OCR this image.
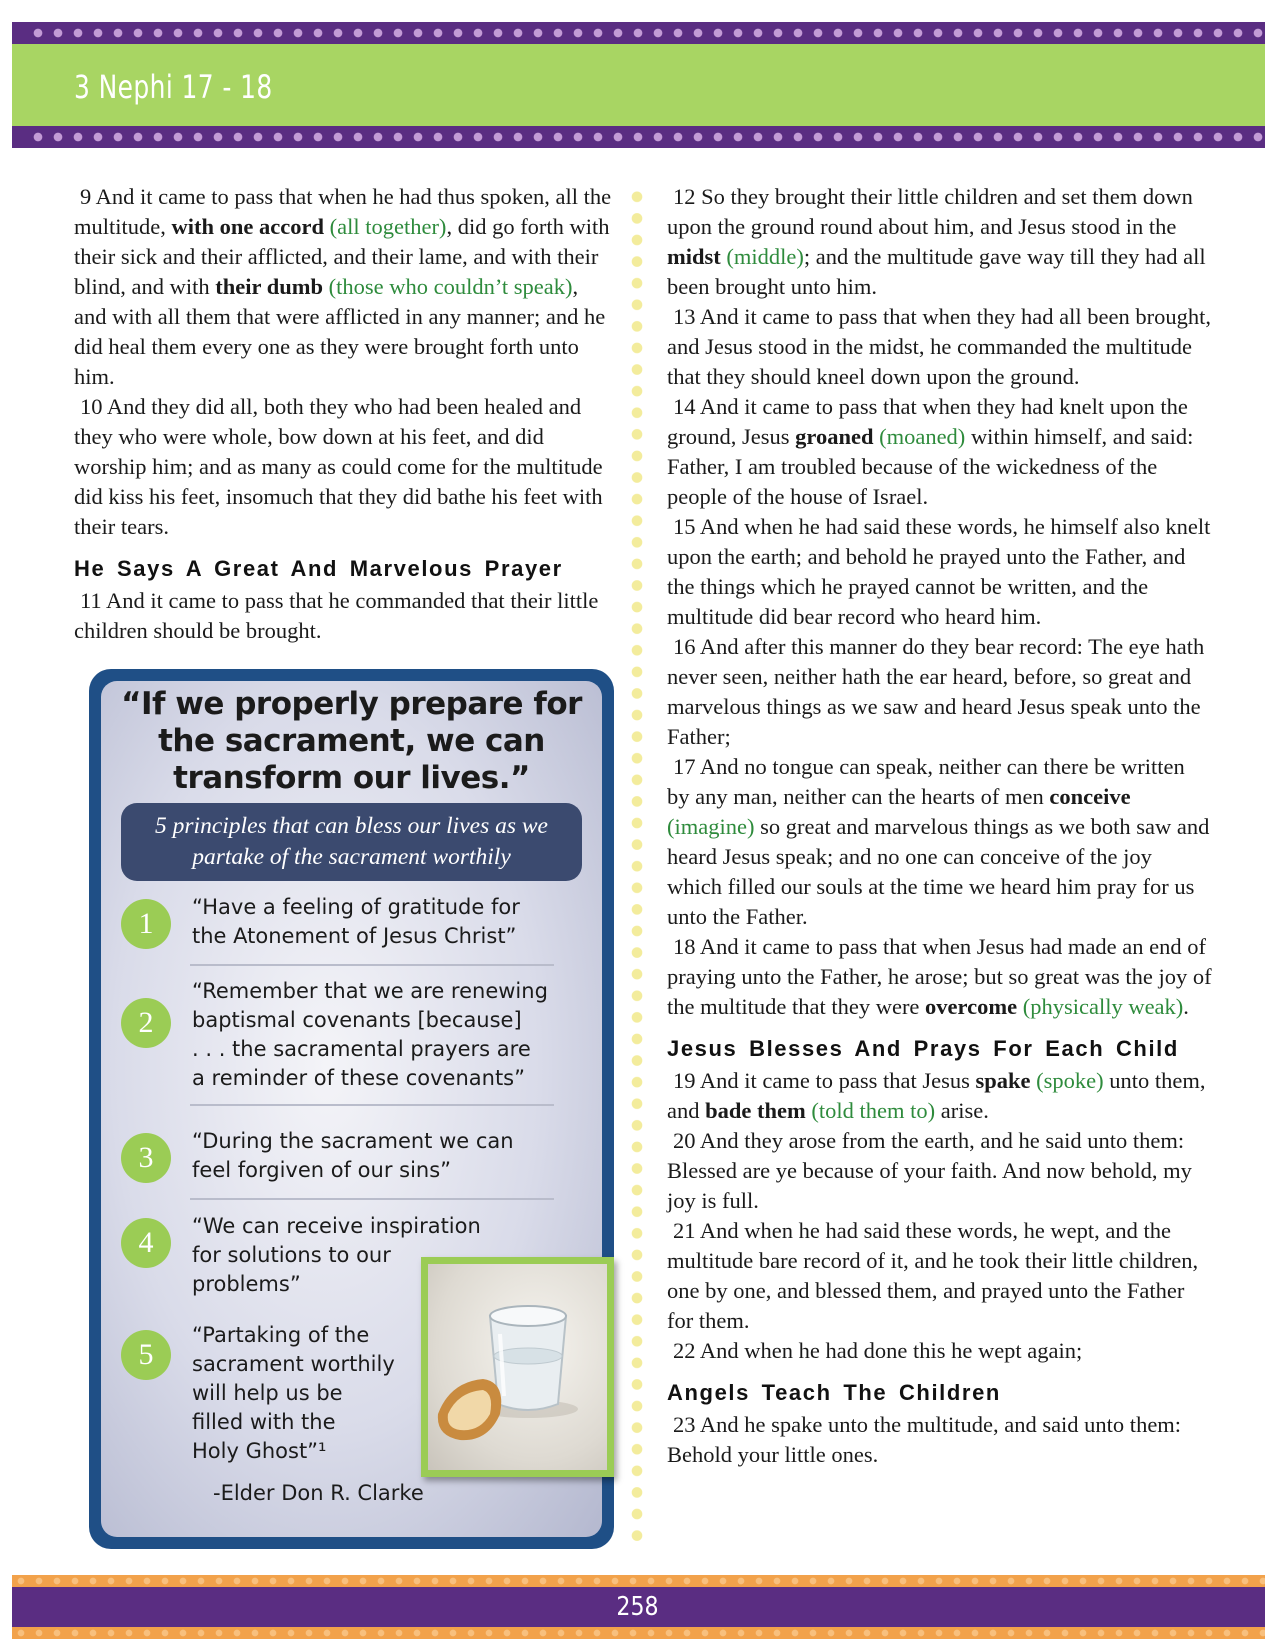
3 Nephi 17 - 18

9 And it came to pass that when he had thus spoken, all the multitude, with one accord (all together), did go forth with their sick and their afflicted, and their lame, and with their blind, and with their dumb (those who couldn’t speak), and with all them that were afflicted in any manner; and he did heal them every one as they were brought forth unto him.

10 And they did all, both they who had been healed and they who were whole, bow down at his feet, and did worship him; and as many as could come for the multitude did kiss his feet, insomuch that they did bathe his feet with their tears.

He Says A Great And Marvelous Prayer

11 And it came to pass that he commanded that their little children should be brought.

“If we properly prepare for the sacrament, we can transform our lives.”
5 principles that can bless our lives as we partake of the sacrament worthily
1	“Have a feeling of gratitude for
the Atonement of Jesus Christ”
2
“Remember that we are renewing
baptismal covenants [because]
. . . the sacramental prayers are
a reminder of these covenants”
3	“During the sacrament we can
feel forgiven of our sins”
4	“We can receive inspiration
for solutions to our
problems”
5
“Partaking of the
sacrament worthily
will help us be
filled with the
Holy Ghost”¹
-Elder Don R. Clarke

12 So they brought their little children and set them down upon the ground round about him, and Jesus stood in the midst (middle); and the multitude gave way till they had all been brought unto him.

13 And it came to pass that when they had all been brought, and Jesus stood in the midst, he commanded the multitude that they should kneel down upon the ground.

14 And it came to pass that when they had knelt upon the ground, Jesus groaned (moaned) within himself, and said: Father, I am troubled because of the wickedness of the people of the house of Israel.

15 And when he had said these words, he himself also knelt upon the earth; and behold he prayed unto the Father, and the things which he prayed cannot be written, and the multitude did bear record who heard him.

16 And after this manner do they bear record: The eye hath never seen, neither hath the ear heard, before, so great and marvelous things as we saw and heard Jesus speak unto the Father;

17 And no tongue can speak, neither can there be written by any man, neither can the hearts of men conceive (imagine) so great and marvelous things as we both saw and heard Jesus speak; and no one can conceive of the joy which filled our souls at the time we heard him pray for us unto the Father.

18 And it came to pass that when Jesus had made an end of praying unto the Father, he arose; but so great was the joy of the multitude that they were overcome (physically weak).

Jesus Blesses And Prays For Each Child

19 And it came to pass that Jesus spake (spoke) unto them, and bade them (told them to) arise.

20 And they arose from the earth, and he said unto them: Blessed are ye because of your faith. And now behold, my joy is full.

21 And when he had said these words, he wept, and the multitude bare record of it, and he took their little children, one by one, and blessed them, and prayed unto the Father for them.

22 And when he had done this he wept again;

Angels Teach The Children

23 And he spake unto the multitude, and said unto them: Behold your little ones.

258
